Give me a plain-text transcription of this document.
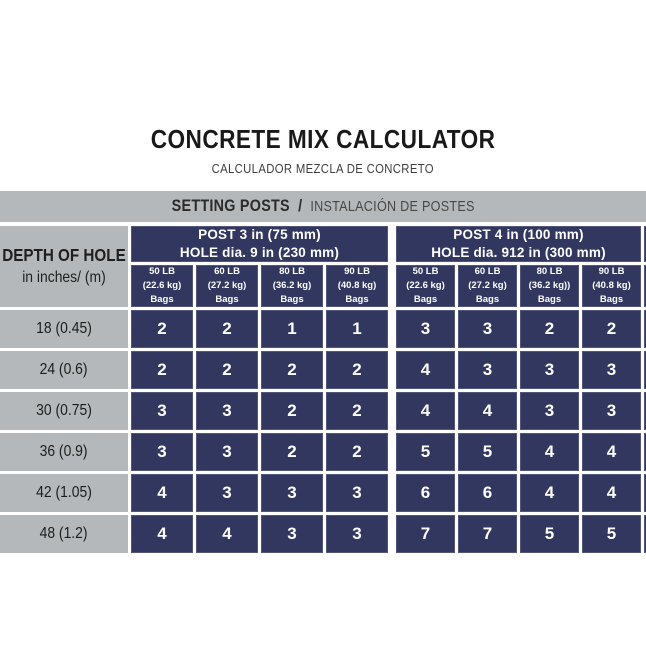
CONCRETE MIX CALCULATOR
CALCULADOR MEZCLA DE CONCRETO
SETTING POSTS / INSTALACIÓN DE POSTES
DEPTH OF HOLE
in inches/ (m)
POST 3 in (75 mm)
HOLE dia. 9 in (230 mm)
POST 4 in (100 mm)
HOLE dia. 912 in (300 mm)
50 LB
(22.6 kg)
Bags
60 LB
(27.2 kg)
Bags
80 LB
(36.2 kg)
Bags
90 LB
(40.8 kg)
Bags
50 LB
(22.6 kg)
Bags
60 LB
(27.2 kg)
Bags
80 LB
(36.2 kg))
Bags
90 LB
(40.8 kg)
Bags
18 (0.45)	2	2	1	1	3	3	2	2
24 (0.6)	2	2	2	2	4	3	3	3
30 (0.75)	3	3	2	2	4	4	3	3
36 (0.9)	3	3	2	2	5	5	4	4
42 (1.05)	4	3	3	3	6	6	4	4
48 (1.2)	4	4	3	3	7	7	5	5
